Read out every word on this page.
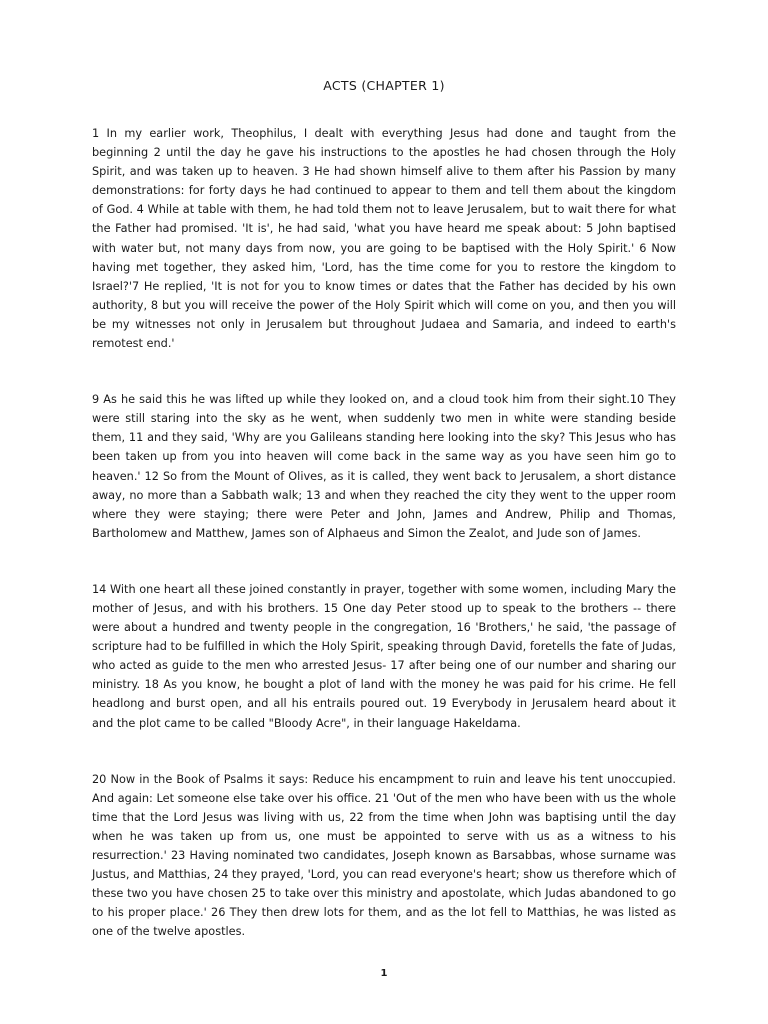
ACTS (CHAPTER 1)

1 In my earlier work, Theophilus, I dealt with everything Jesus had done and taught from the beginning 2 until the day he gave his instructions to the apostles he had chosen through the Holy Spirit, and was taken up to heaven. 3 He had shown himself alive to them after his Passion by many demonstrations: for forty days he had continued to appear to them and tell them about the kingdom of God. 4 While at table with them, he had told them not to leave Jerusalem, but to wait there for what the Father had promised. 'It is', he had said, 'what you have heard me speak about: 5 John baptised with water but, not many days from now, you are going to be baptised with the Holy Spirit.' 6 Now having met together, they asked him, 'Lord, has the time come for you to restore the kingdom to Israel?'7 He replied, 'It is not for you to know times or dates that the Father has decided by his own authority, 8 but you will receive the power of the Holy Spirit which will come on you, and then you will be my witnesses not only in Jerusalem but throughout Judaea and Samaria, and indeed to earth's remotest end.'

9 As he said this he was lifted up while they looked on, and a cloud took him from their sight.10 They were still staring into the sky as he went, when suddenly two men in white were standing beside them, 11 and they said, 'Why are you Galileans standing here looking into the sky? This Jesus who has been taken up from you into heaven will come back in the same way as you have seen him go to heaven.' 12 So from the Mount of Olives, as it is called, they went back to Jerusalem, a short distance away, no more than a Sabbath walk; 13 and when they reached the city they went to the upper room where they were staying; there were Peter and John, James and Andrew, Philip and Thomas, Bartholomew and Matthew, James son of Alphaeus and Simon the Zealot, and Jude son of James.

14 With one heart all these joined constantly in prayer, together with some women, including Mary the mother of Jesus, and with his brothers. 15 One day Peter stood up to speak to the brothers -- there were about a hundred and twenty people in the congregation, 16 'Brothers,' he said, 'the passage of scripture had to be fulfilled in which the Holy Spirit, speaking through David, foretells the fate of Judas, who acted as guide to the men who arrested Jesus- 17 after being one of our number and sharing our ministry. 18 As you know, he bought a plot of land with the money he was paid for his crime. He fell headlong and burst open, and all his entrails poured out. 19 Everybody in Jerusalem heard about it and the plot came to be called "Bloody Acre", in their language Hakeldama.

20 Now in the Book of Psalms it says: Reduce his encampment to ruin and leave his tent unoccupied. And again: Let someone else take over his office. 21 'Out of the men who have been with us the whole time that the Lord Jesus was living with us, 22 from the time when John was baptising until the day when he was taken up from us, one must be appointed to serve with us as a witness to his resurrection.' 23 Having nominated two candidates, Joseph known as Barsabbas, whose surname was Justus, and Matthias, 24 they prayed, 'Lord, you can read everyone's heart; show us therefore which of these two you have chosen 25 to take over this ministry and apostolate, which Judas abandoned to go to his proper place.' 26 They then drew lots for them, and as the lot fell to Matthias, he was listed as one of the twelve apostles.

1
